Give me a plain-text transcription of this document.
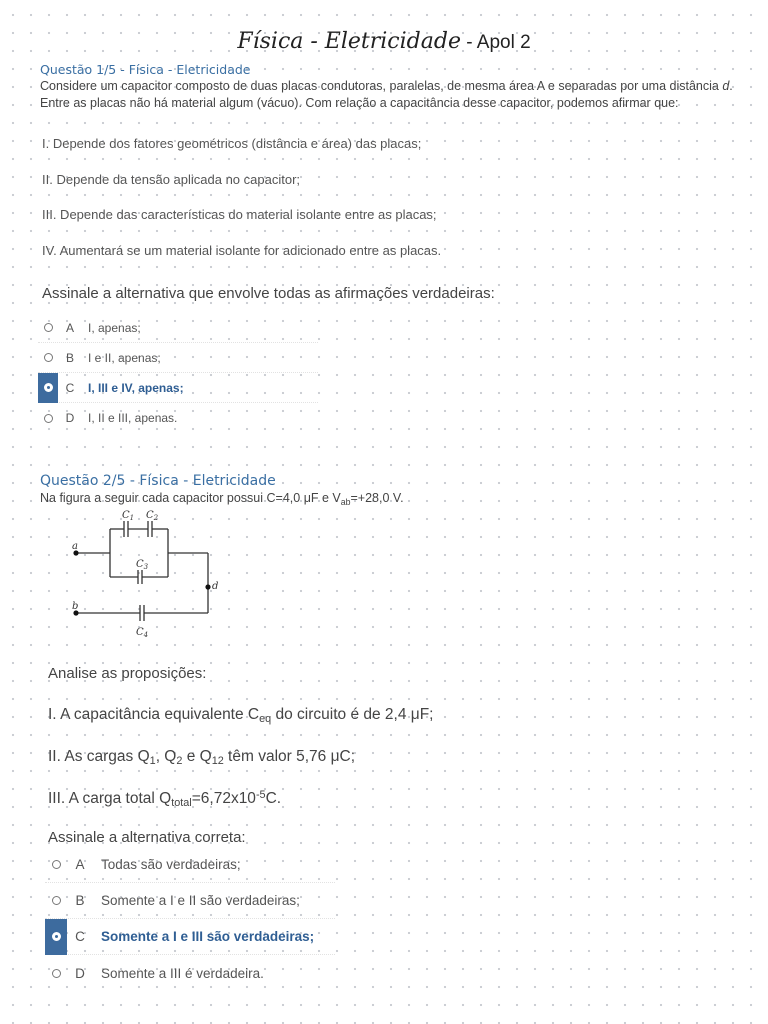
Física - Eletricidade - Apol 2
Questão 1/5 - Física - Eletricidade
Considere um capacitor composto de duas placas condutoras, paralelas, de mesma área A e separadas por uma distância d. Entre as placas não há material algum (vácuo). Com relação a capacitância desse capacitor, podemos afirmar que:
I. Depende dos fatores geométricos (distância e área) das placas;
II. Depende da tensão aplicada no capacitor;
III. Depende das características do material isolante entre as placas;
IV. Aumentará se um material isolante for adicionado entre as placas.
Assinale a alternativa que envolve todas as afirmações verdadeiras:
A	I, apenas;
B	I e II, apenas;
C	I, III e IV, apenas;
D	I, II e III, apenas.
Questão 2/5 - Física - Eletricidade
Na figura a seguir cada capacitor possui C=4,0 μF e $V_{ab}=+28,0$ V.
a
b
d
$C_1$ $C_2$
$C_3$
$C_4$
Analise as proposições:
I. A capacitância equivalente $C_{eq}$ do circuito é de 2,4 μF;
II. As cargas $Q_1$, $Q_2$ e $Q_{12}$ têm valor 5,76 μC;
III. A carga total $Q_{total}=6,72x10^{-5}C$.
Assinale a alternativa correta:
A	Todas são verdadeiras;
B	Somente a I e II são verdadeiras;
C	Somente a I e III são verdadeiras;
D	Somente a III é verdadeira.
